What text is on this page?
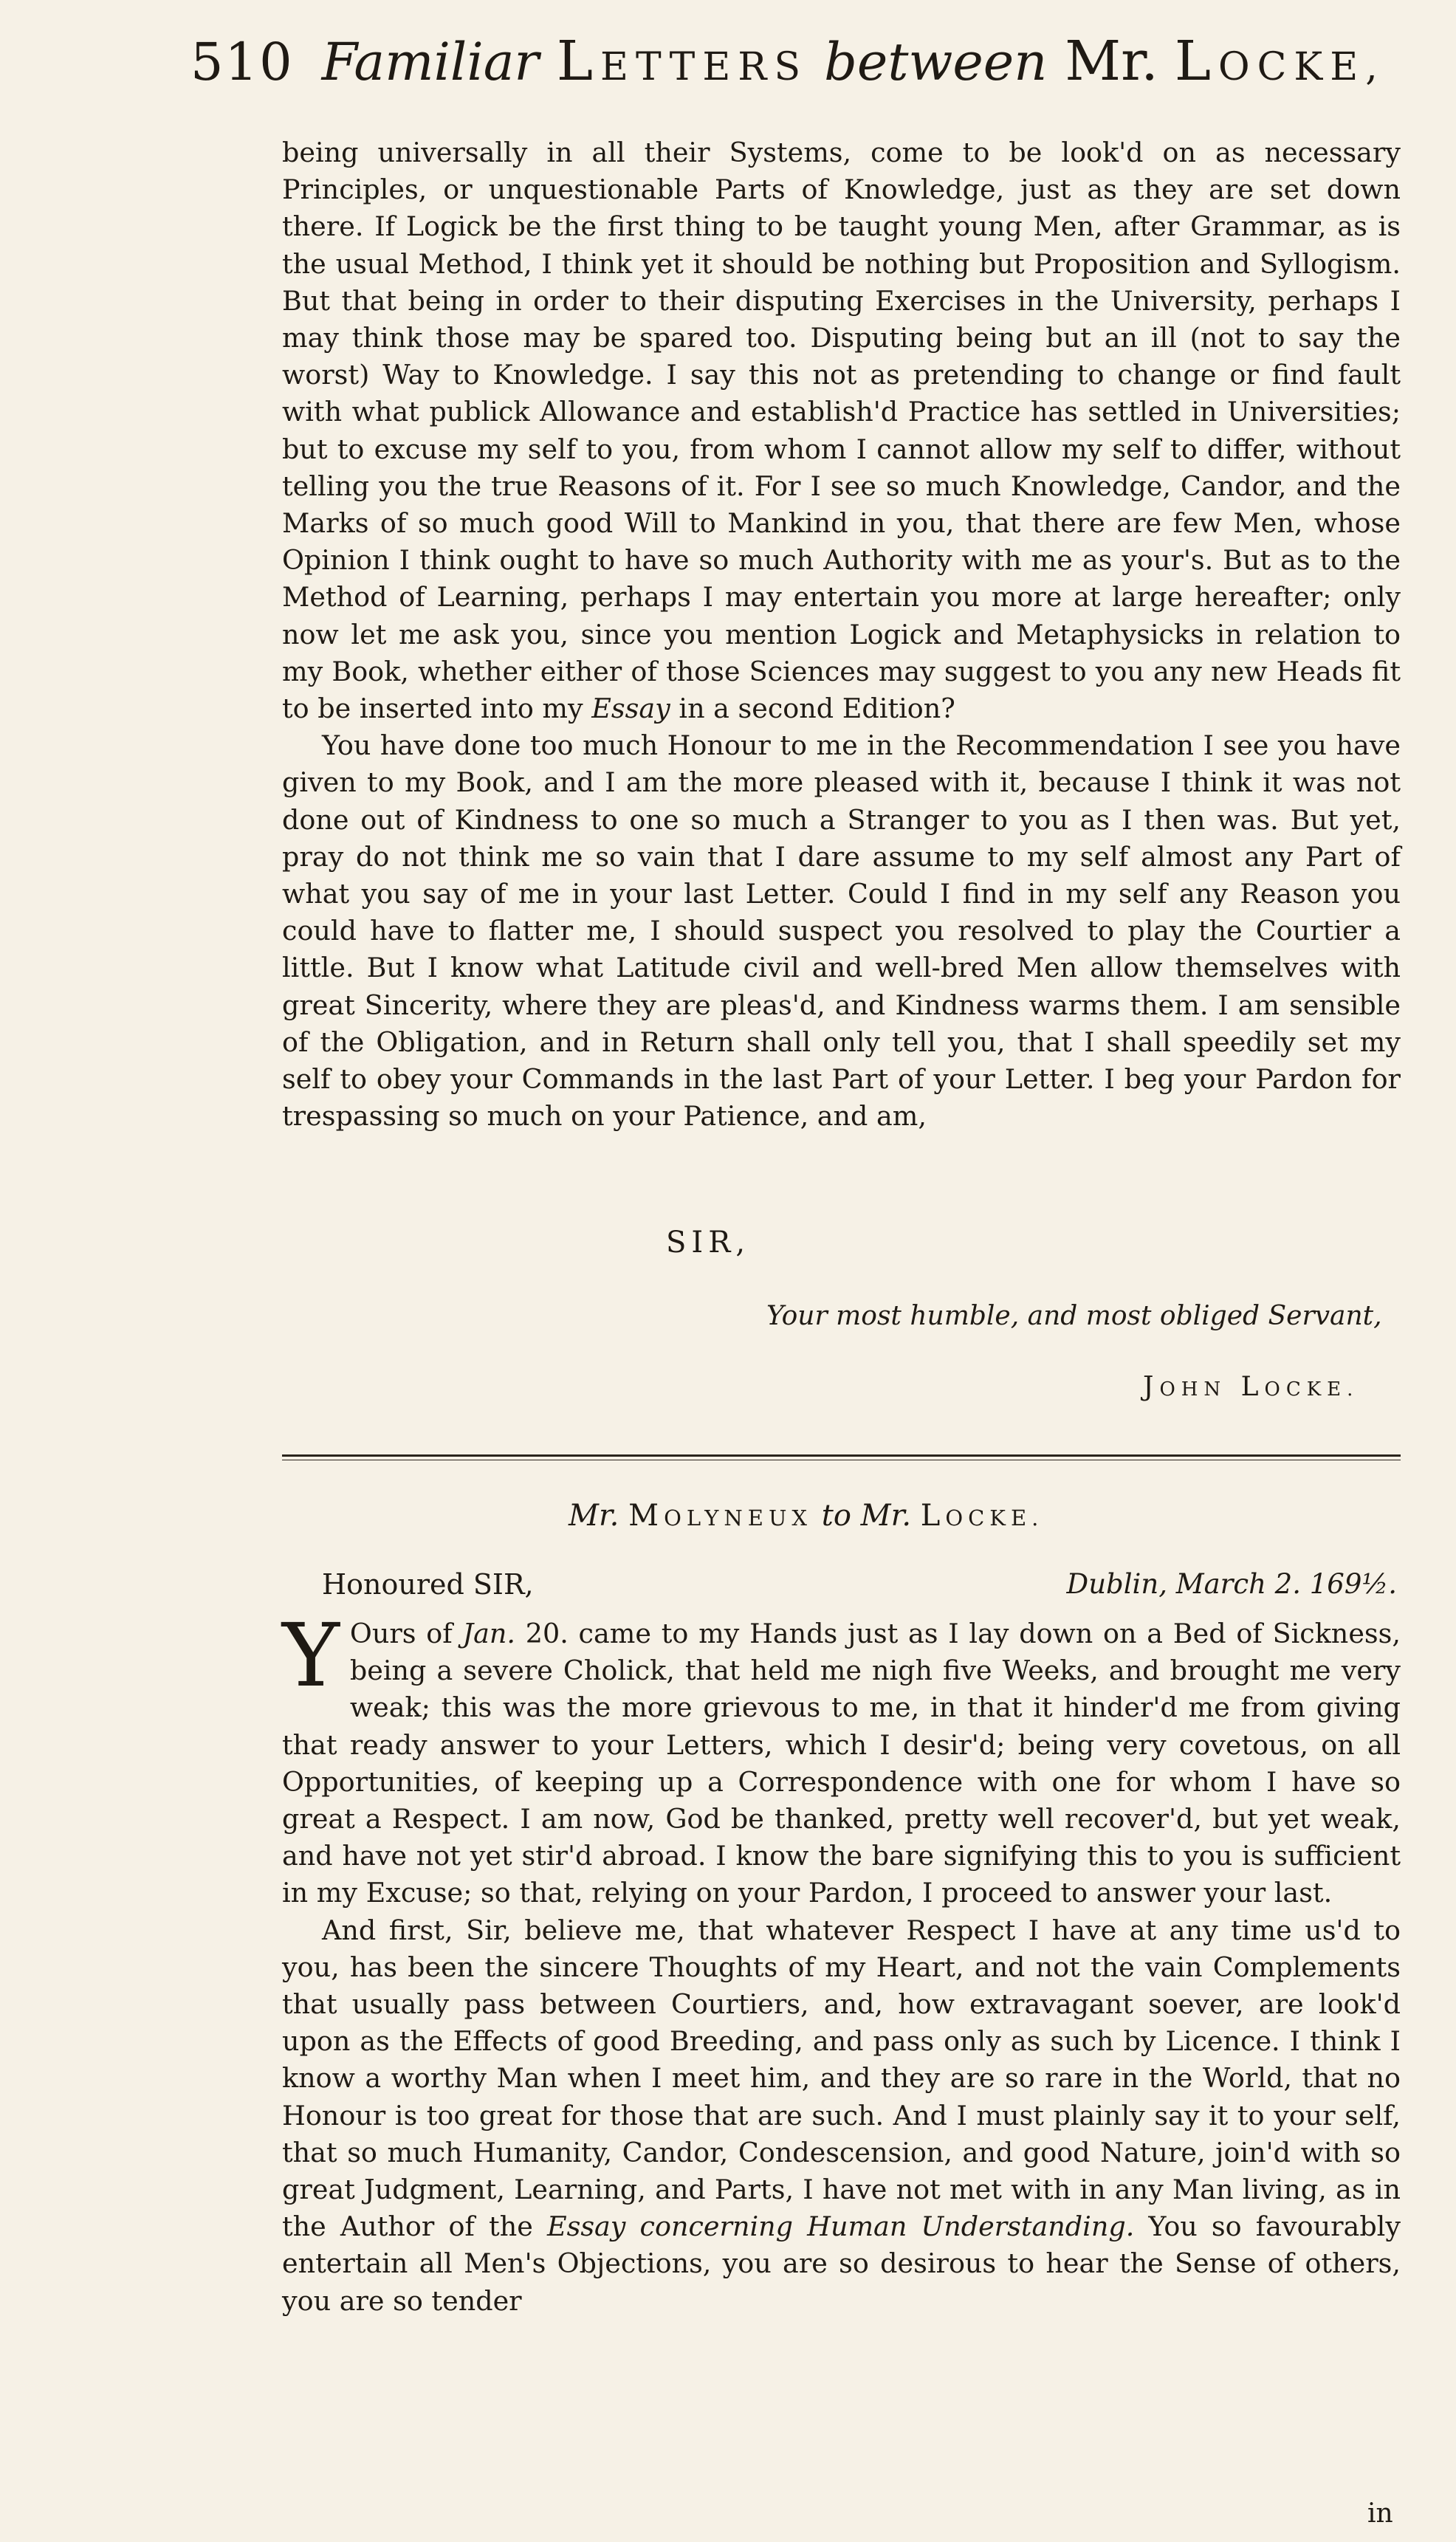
510 Familiar LETTERS between Mr. LOCKE,

being universally in all their Systems, come to be look'd on as necessary Principles, or unquestionable Parts of Knowledge, just as they are set down there. If Logick be the first thing to be taught young Men, after Grammar, as is the usual Method, I think yet it should be nothing but Proposition and Syllogism. But that being in order to their disputing Exercises in the University, perhaps I may think those may be spared too. Disputing being but an ill (not to say the worst) Way to Knowledge. I say this not as pretending to change or find fault with what publick Allowance and establish'd Practice has settled in Universities; but to excuse my self to you, from whom I cannot allow my self to differ, without telling you the true Reasons of it. For I see so much Knowledge, Candor, and the Marks of so much good Will to Mankind in you, that there are few Men, whose Opinion I think ought to have so much Authority with me as your's. But as to the Method of Learning, perhaps I may entertain you more at large hereafter; only now let me ask you, since you mention Logick and Metaphysicks in relation to my Book, whether either of those Sciences may suggest to you any new Heads fit to be inserted into my Essay in a second Edition?

You have done too much Honour to me in the Recommendation I see you have given to my Book, and I am the more pleased with it, because I think it was not done out of Kindness to one so much a Stranger to you as I then was. But yet, pray do not think me so vain that I dare assume to my self almost any Part of what you say of me in your last Letter. Could I find in my self any Reason you could have to flatter me, I should suspect you resolved to play the Courtier a little. But I know what Latitude civil and well-bred Men allow themselves with great Sincerity, where they are pleas'd, and Kindness warms them. I am sensible of the Obligation, and in Return shall only tell you, that I shall speedily set my self to obey your Commands in the last Part of your Letter. I beg your Pardon for trespassing so much on your Patience, and am,

SIR,
Your most humble, and most obliged Servant,
JOHN LOCKE.
Mr. MOLYNEUX to Mr. LOCKE.
Honoured SIR,	Dublin, March 2. 169½.

Y Ours of Jan. 20. came to my Hands just as I lay down on a Bed of Sickness, being a severe Cholick, that held me nigh five Weeks, and brought me very weak; this was the more grievous to me, in that it hinder'd me from giving that ready answer to your Letters, which I desir'd; being very covetous, on all Opportunities, of keeping up a Correspondence with one for whom I have so great a Respect. I am now, God be thanked, pretty well recover'd, but yet weak, and have not yet stir'd abroad. I know the bare signifying this to you is sufficient in my Excuse; so that, relying on your Pardon, I proceed to answer your last.

And first, Sir, believe me, that whatever Respect I have at any time us'd to you, has been the sincere Thoughts of my Heart, and not the vain Complements that usually pass between Courtiers, and, how extravagant soever, are look'd upon as the Effects of good Breeding, and pass only as such by Licence. I think I know a worthy Man when I meet him, and they are so rare in the World, that no Honour is too great for those that are such. And I must plainly say it to your self, that so much Humanity, Candor, Condescension, and good Nature, join'd with so great Judgment, Learning, and Parts, I have not met with in any Man living, as in the Author of the Essay concerning Human Understanding. You so favourably entertain all Men's Objections, you are so desirous to hear the Sense of others, you are so tender

in
